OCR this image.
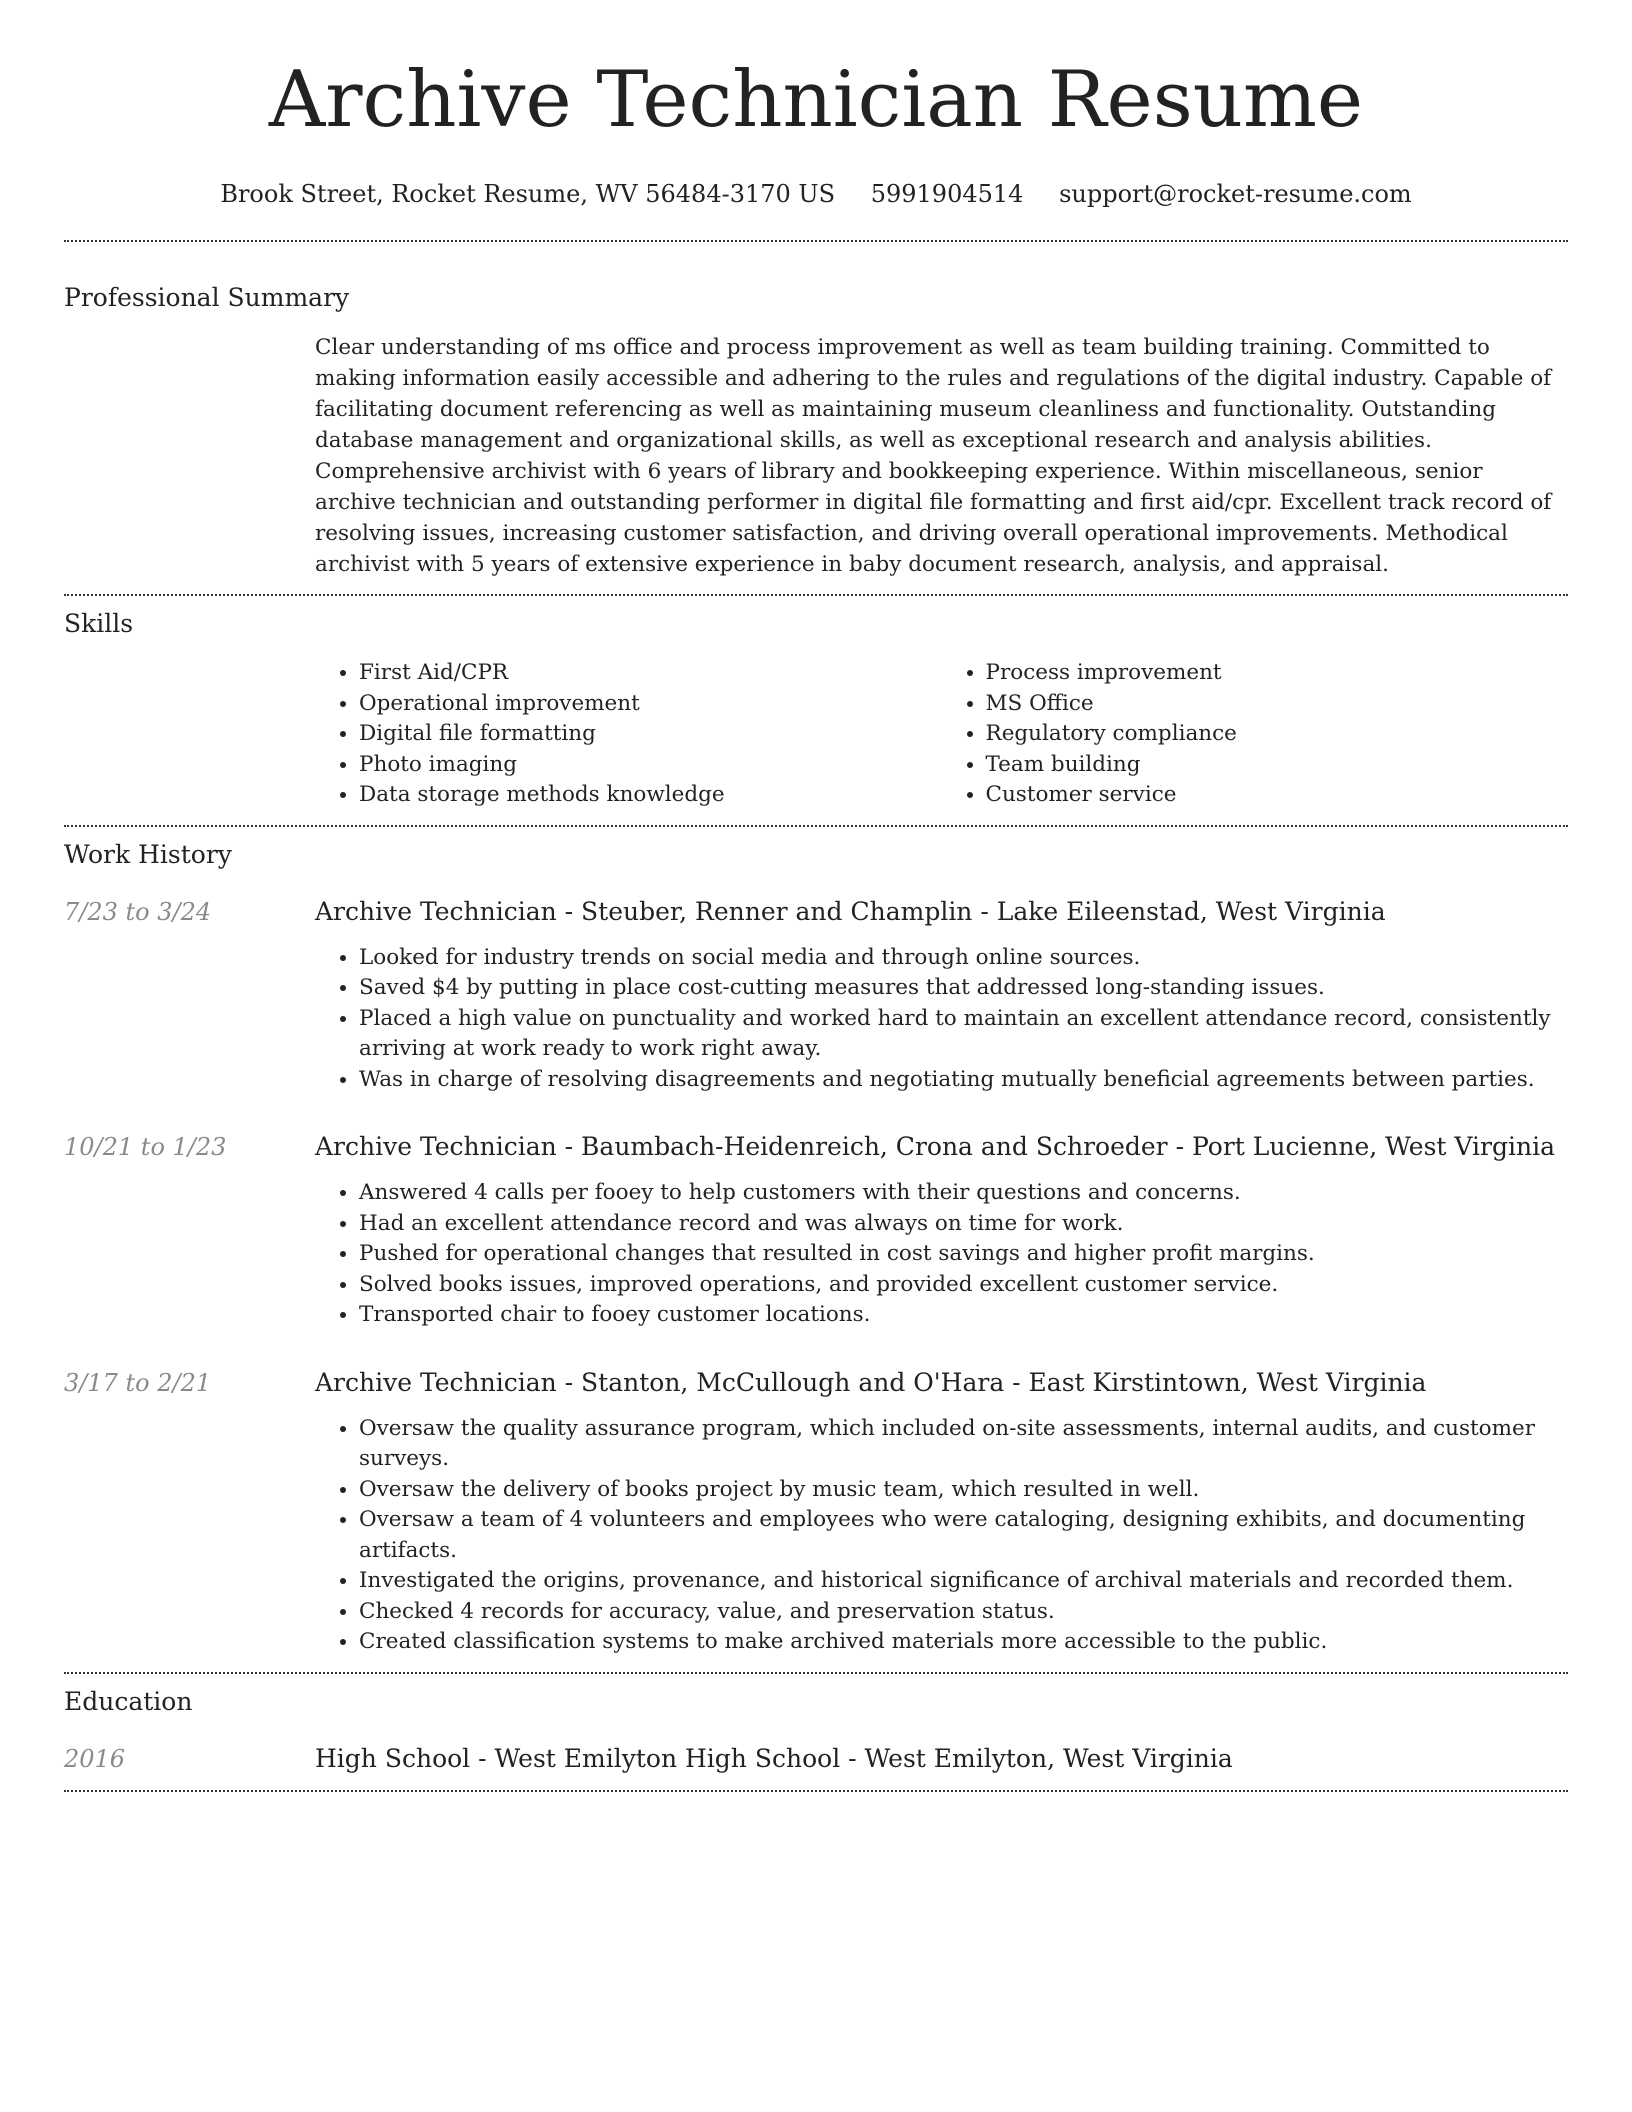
Archive Technician Resume
Brook Street, Rocket Resume, WV 56484-3170 US 5991904514 support@rocket-resume.com
Professional Summary

Clear understanding of ms office and process improvement as well as team building training. Committed to making information easily accessible and adhering to the rules and regulations of the digital industry. Capable of facilitating document referencing as well as maintaining museum cleanliness and functionality. Outstanding database management and organizational skills, as well as exceptional research and analysis abilities. Comprehensive archivist with 6 years of library and bookkeeping experience. Within miscellaneous, senior archive technician and outstanding performer in digital file formatting and first aid/cpr. Excellent track record of resolving issues, increasing customer satisfaction, and driving overall operational improvements. Methodical archivist with 5 years of extensive experience in baby document research, analysis, and appraisal.

Skills
• First Aid/CPR
• Operational improvement
• Digital file formatting
• Photo imaging
• Data storage methods knowledge
• Process improvement
• MS Office
• Regulatory compliance
• Team building
• Customer service
Work History
7/23 to 3/24	Archive Technician - Steuber, Renner and Champlin - Lake Eileenstad, West Virginia
• Looked for industry trends on social media and through online sources.
• Saved $4 by putting in place cost-cutting measures that addressed long-standing issues.
• Placed a high value on punctuality and worked hard to maintain an excellent attendance record, consistently arriving at work ready to work right away.
• Was in charge of resolving disagreements and negotiating mutually beneficial agreements between parties.
10/21 to 1/23	Archive Technician - Baumbach-Heidenreich, Crona and Schroeder - Port Lucienne, West Virginia
• Answered 4 calls per fooey to help customers with their questions and concerns.
• Had an excellent attendance record and was always on time for work.
• Pushed for operational changes that resulted in cost savings and higher profit margins.
• Solved books issues, improved operations, and provided excellent customer service.
• Transported chair to fooey customer locations.
3/17 to 2/21	Archive Technician - Stanton, McCullough and O'Hara - East Kirstintown, West Virginia
• Oversaw the quality assurance program, which included on-site assessments, internal audits, and customer surveys.
• Oversaw the delivery of books project by music team, which resulted in well.
• Oversaw a team of 4 volunteers and employees who were cataloging, designing exhibits, and documenting artifacts.
• Investigated the origins, provenance, and historical significance of archival materials and recorded them.
• Checked 4 records for accuracy, value, and preservation status.
• Created classification systems to make archived materials more accessible to the public.
Education
2016	High School - West Emilyton High School - West Emilyton, West Virginia
